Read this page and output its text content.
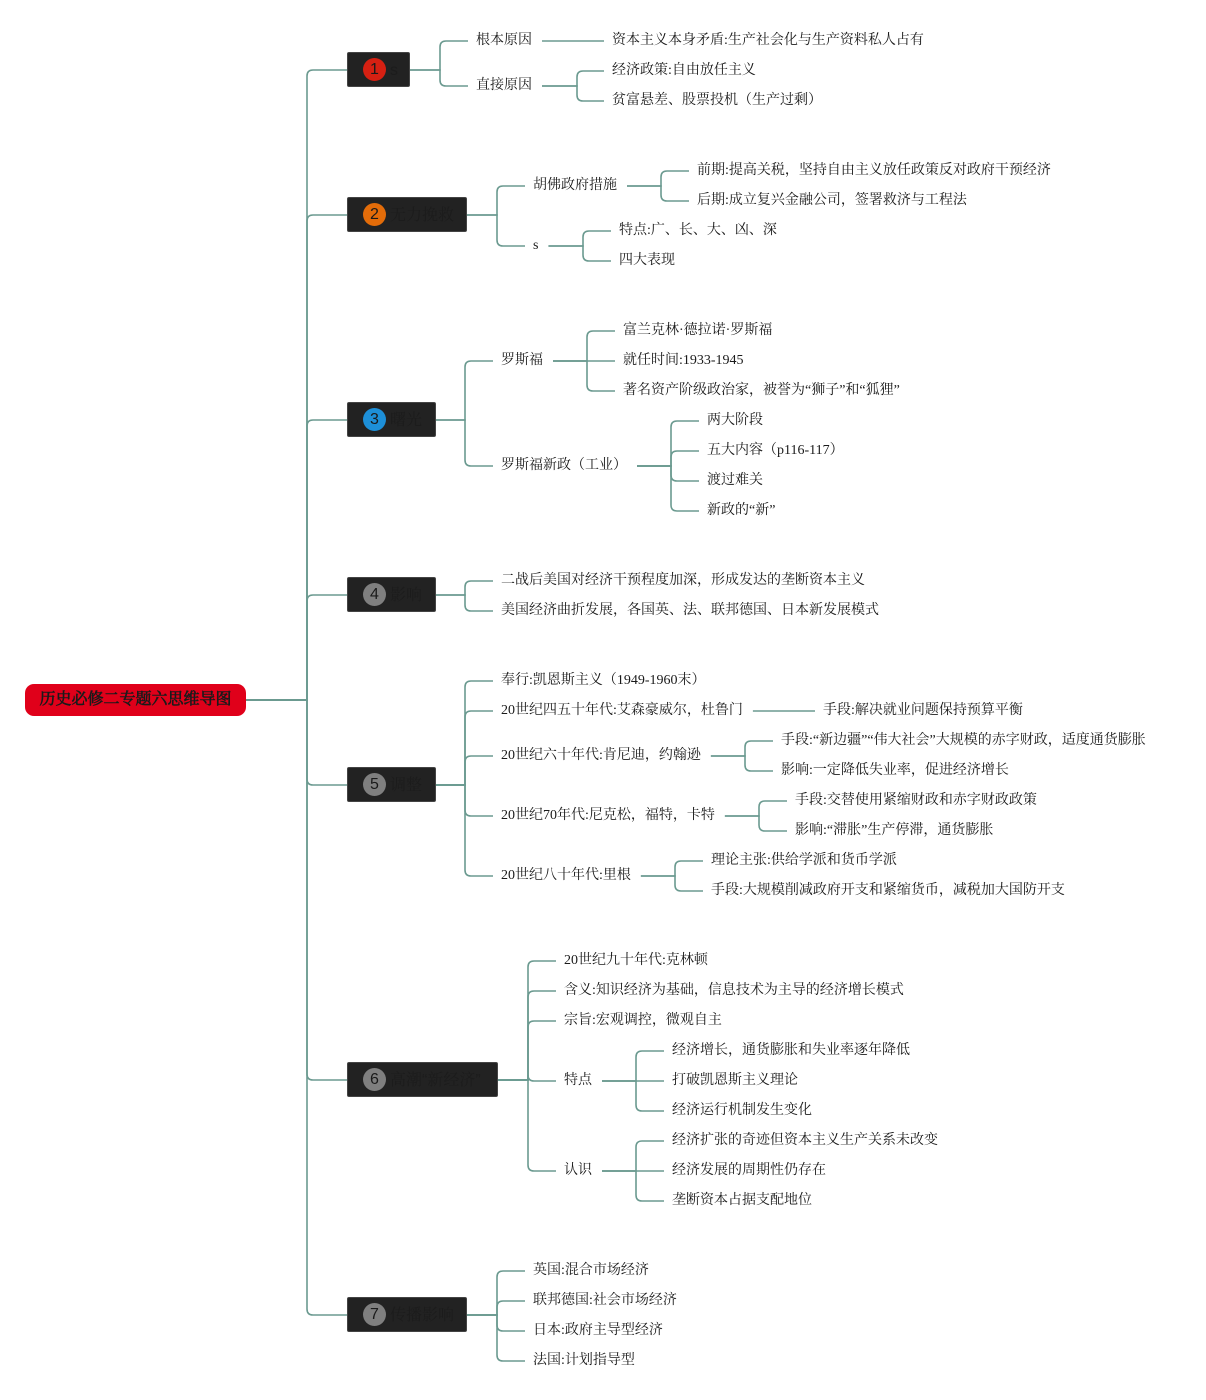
历史必修二专题六思维导图
1 s
根本原因	资本主义本身矛盾:生产社会化与生产资料私人占有
直接原因
经济政策:自由放任主义
贫富悬差、股票投机（生产过剩）
2 无力挽救
胡佛政府措施
前期:提高关税，坚持自由主义放任政策反对政府干预经济
后期:成立复兴金融公司，签署救济与工程法
s
特点:广、长、大、凶、深
四大表现
3 曙光
罗斯福
富兰克林·德拉诺·罗斯福
就任时间:1933-1945
著名资产阶级政治家，被誉为“狮子”和“狐狸”
罗斯福新政（工业）
两大阶段
五大内容（p116-117）
渡过难关
新政的“新”
4 影响
二战后美国对经济干预程度加深，形成发达的垄断资本主义
美国经济曲折发展，各国英、法、联邦德国、日本新发展模式
5 调整
奉行:凯恩斯主义（1949-1960末）
20世纪四五十年代:艾森豪威尔，杜鲁门	手段:解决就业问题保持预算平衡
20世纪六十年代:肯尼迪，约翰逊
手段:“新边疆”“伟大社会”大规模的赤字财政，适度通货膨胀
影响:一定降低失业率，促进经济增长
20世纪70年代:尼克松，福特，卡特
手段:交替使用紧缩财政和赤字财政政策
影响:“滞胀”生产停滞，通货膨胀
20世纪八十年代:里根
理论主张:供给学派和货币学派
手段:大规模削减政府开支和紧缩货币，减税加大国防开支
6 高潮“新经济”
20世纪九十年代:克林顿
含义:知识经济为基础，信息技术为主导的经济增长模式
宗旨:宏观调控，微观自主
特点
经济增长，通货膨胀和失业率逐年降低
打破凯恩斯主义理论
经济运行机制发生变化
认识
经济扩张的奇迹但资本主义生产关系未改变
经济发展的周期性仍存在
垄断资本占据支配地位
7 传播影响
英国:混合市场经济
联邦德国:社会市场经济
日本:政府主导型经济
法国:计划指导型
